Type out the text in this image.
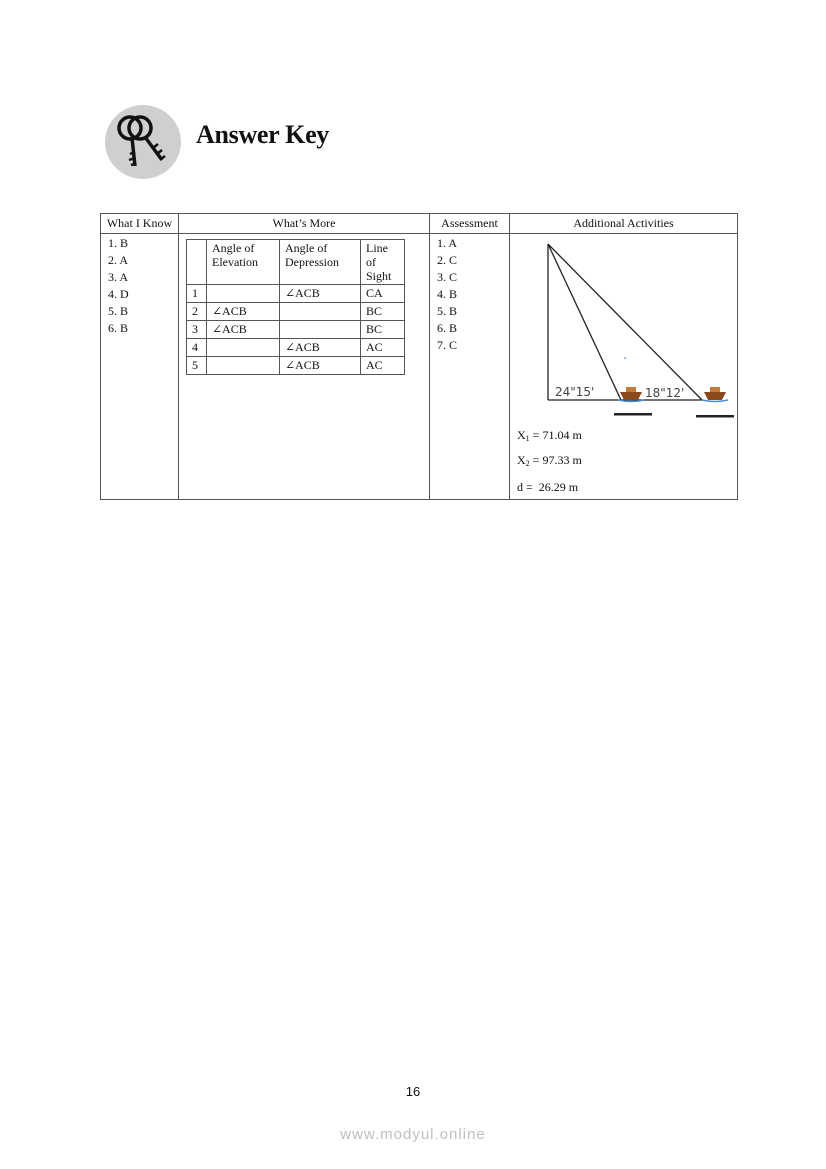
Answer Key
What I Know	What’s More	Assessment	Additional Activities

1. B
2. A
3. A
4. D
5. B
6. B

	Angle of Elevation	Angle of Depression	Line of Sight
1		∠ACB	CA
2	∠ACB		BC
3	∠ACB		BC
4		∠ACB	AC
5		∠ACB	AC

1. A
2. C
3. C
4. B
5. B
6. B
7. C

24"15'	18"12'
$X_1 = 71.04$ m
$X_2 = 97.33$ m
d =  26.29 m
16
www.modyul.online
